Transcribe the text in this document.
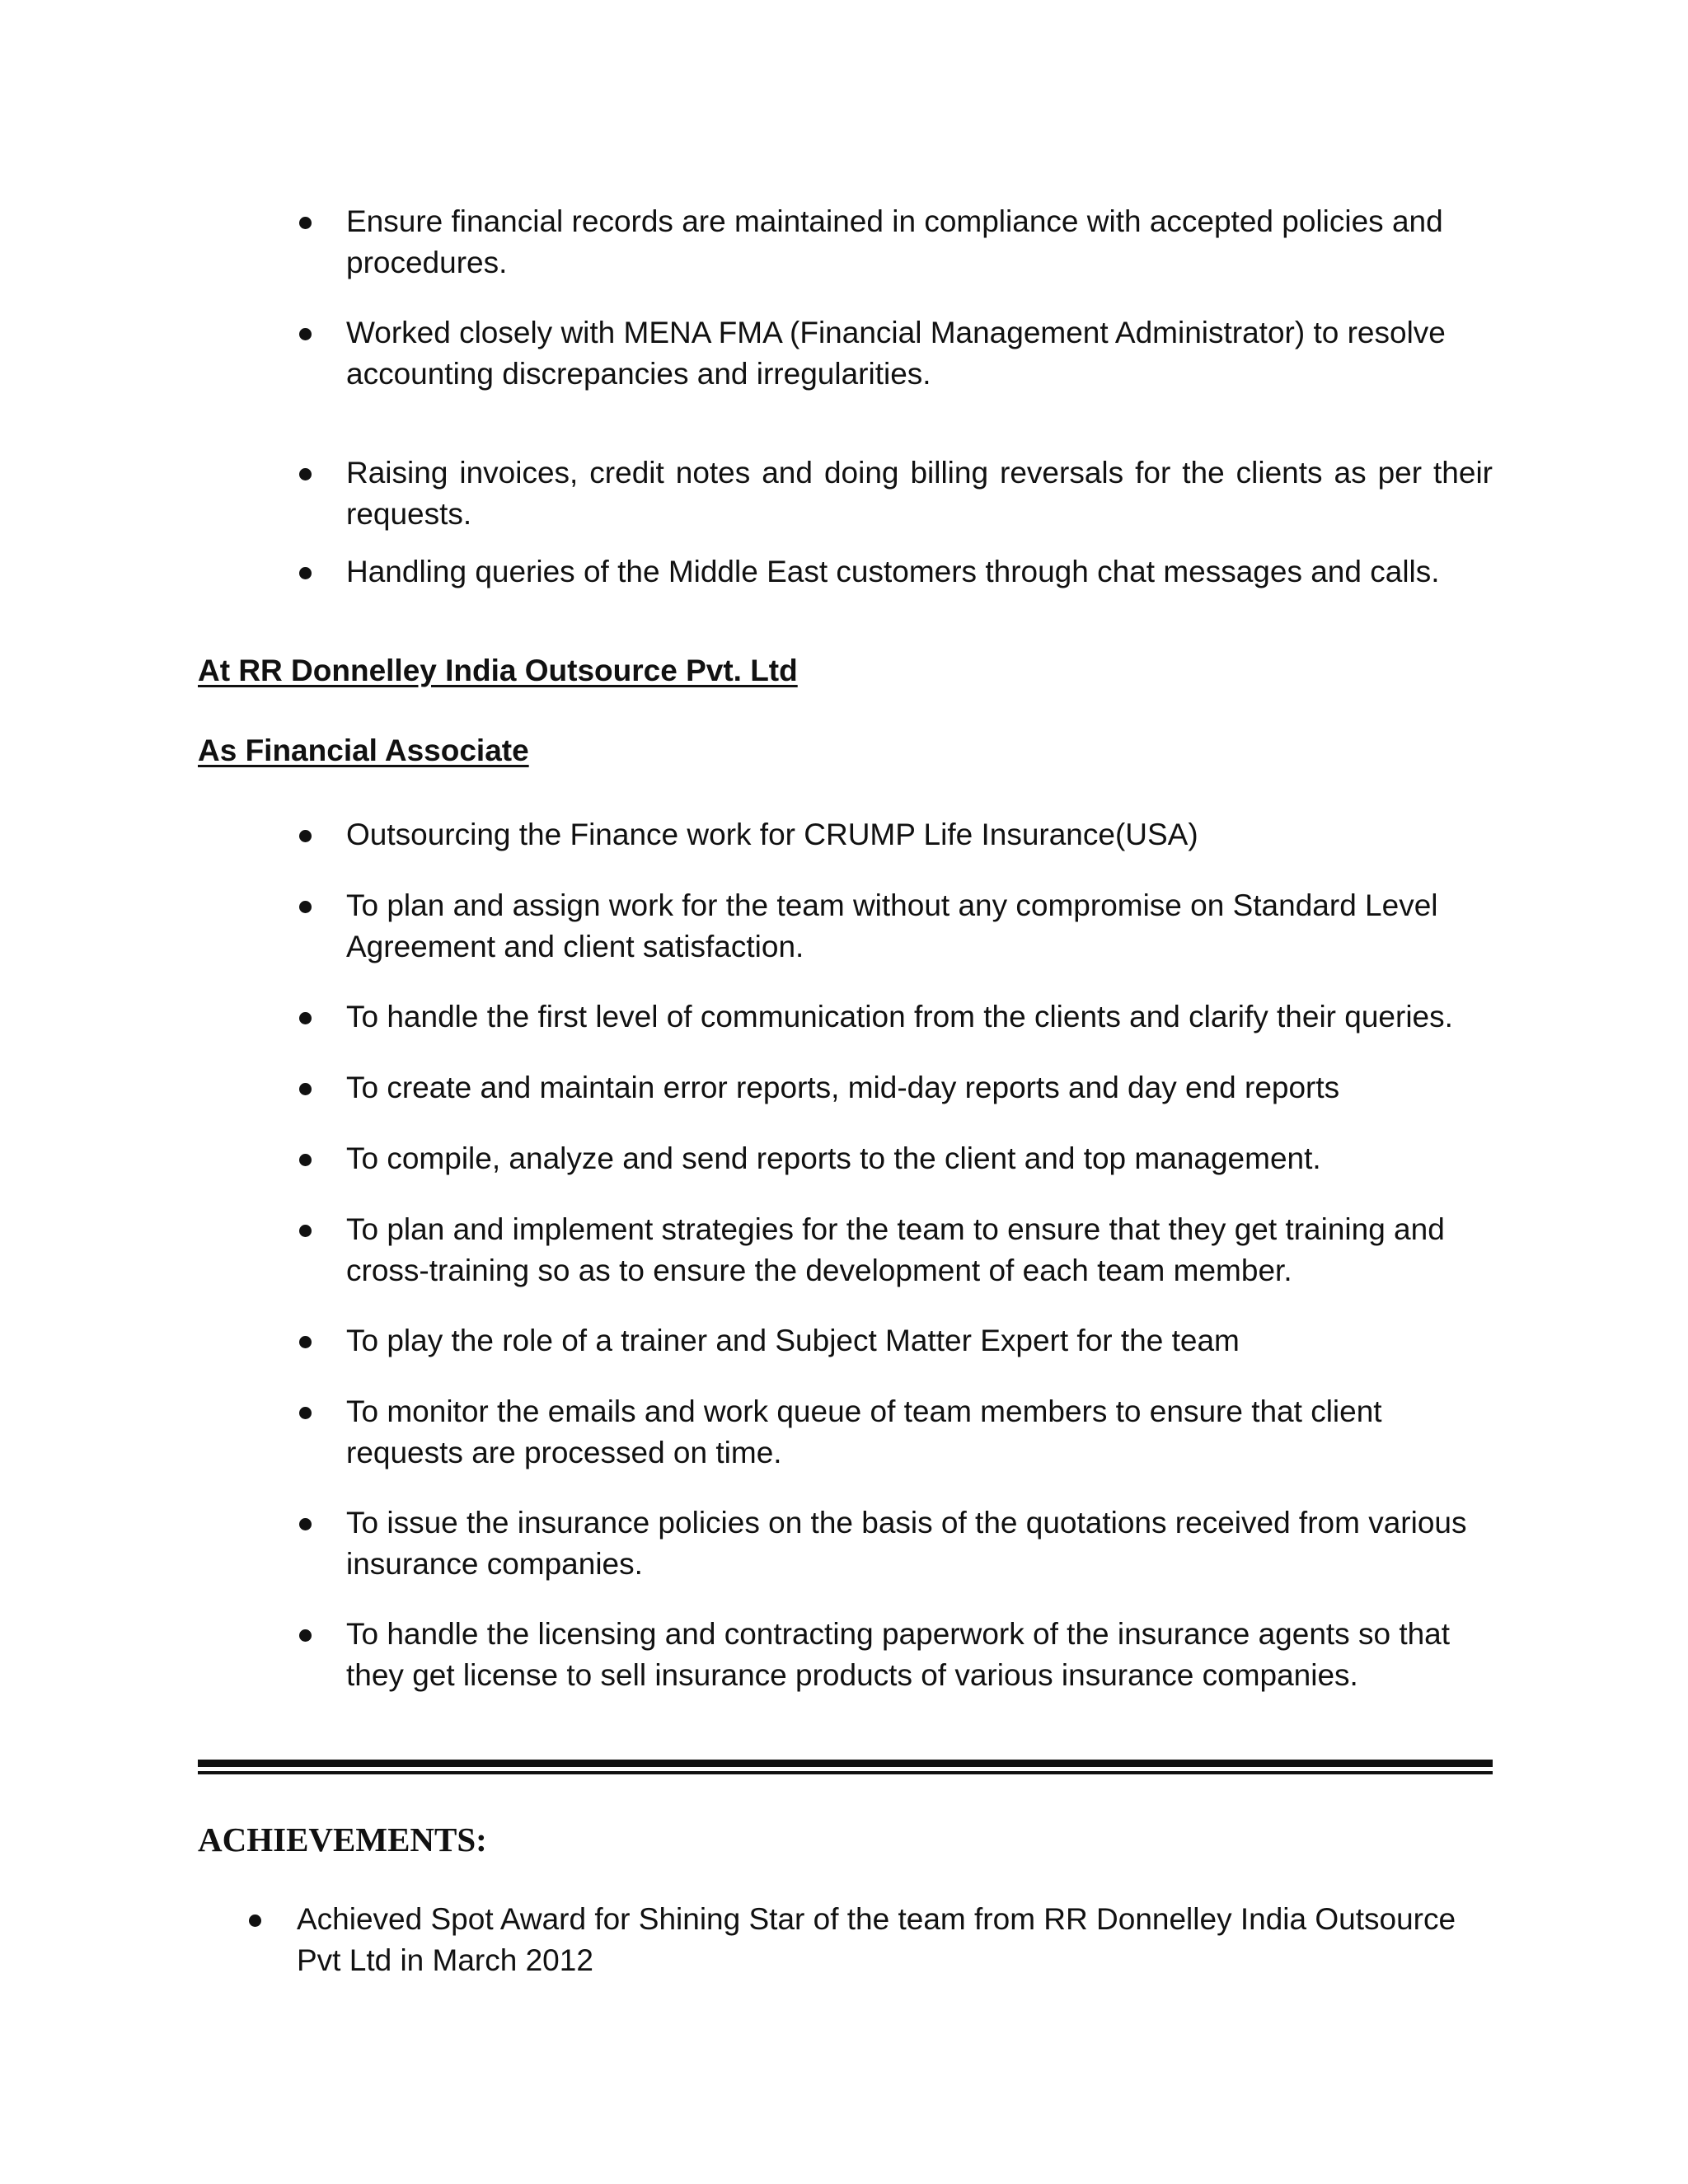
Ensure financial records are maintained in compliance with accepted policies and procedures.
Worked closely with MENA FMA (Financial Management Administrator) to resolve accounting discrepancies and irregularities.
Raising invoices, credit notes and doing billing reversals for the clients as per their requests.
Handling queries of the Middle East customers through chat messages and calls.
At RR Donnelley India Outsource Pvt. Ltd
As Financial Associate
Outsourcing the Finance work for CRUMP Life Insurance(USA)
To plan and assign work for the team without any compromise on Standard Level Agreement and client satisfaction.
To handle the first level of communication from the clients and clarify their queries.
To create and maintain error reports, mid-day reports and day end reports
To compile, analyze and send reports to the client and top management.
To plan and implement strategies for the team to ensure that they get training and cross-training so as to ensure the development of each team member.
To play the role of a trainer and Subject Matter Expert for the team
To monitor the emails and work queue of team members to ensure that client requests are processed on time.
To issue the insurance policies on the basis of the quotations received from various insurance companies.
To handle the licensing and contracting paperwork of the insurance agents so that they get license to sell insurance products of various insurance companies.
ACHIEVEMENTS:
Achieved Spot Award for Shining Star of the team from RR Donnelley India Outsource Pvt Ltd in March 2012
